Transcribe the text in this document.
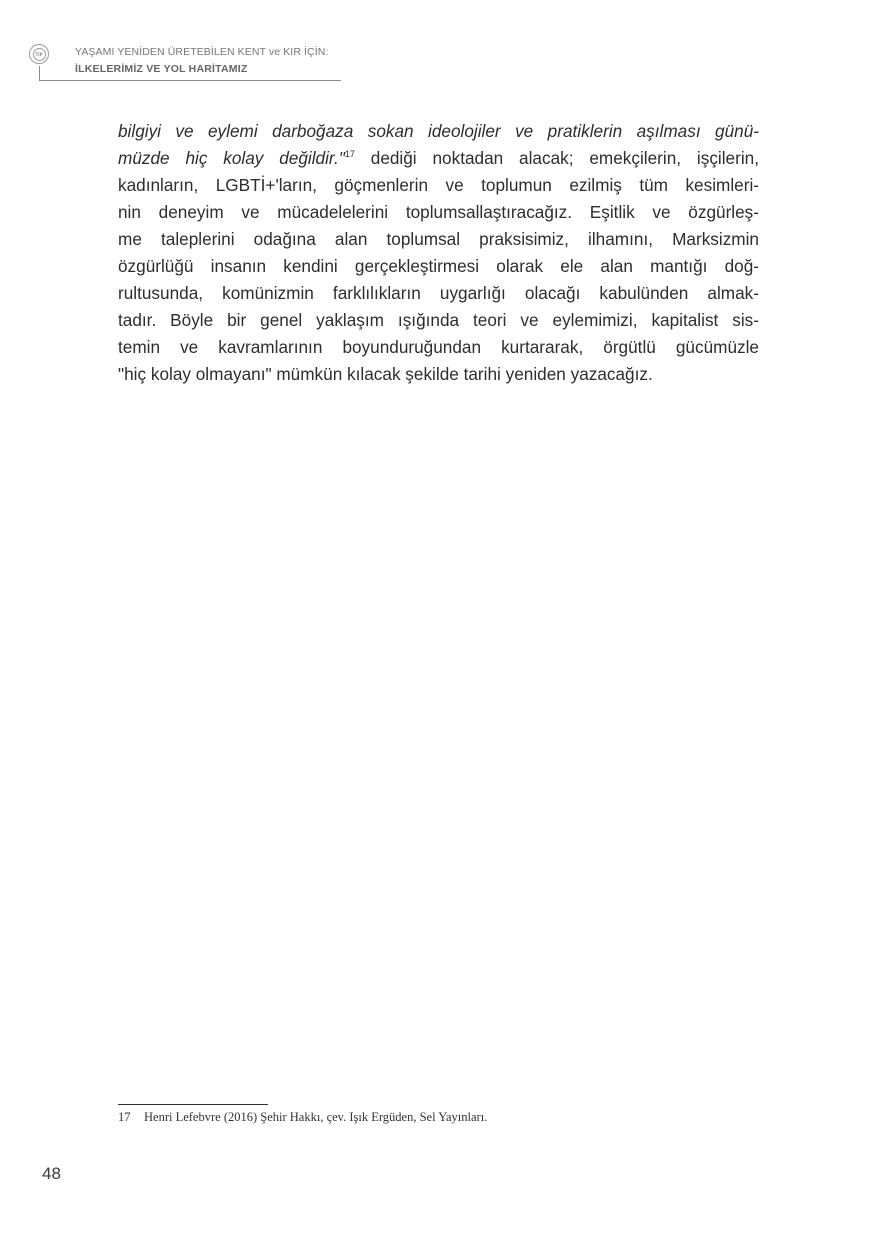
TİP	YAŞAMI YENİDEN ÜRETEBİLEN KENT ve KIR İÇİN:
İLKELERİMİZ VE YOL HARİTAMIZ
bilgiyi ve eylemi darboğaza sokan ideolojiler ve pratiklerin aşılması günü-
müzde hiç kolay değildir."$^{17}$ dediği noktadan alacak; emekçilerin, işçilerin,
kadınların, LGBTİ+'ların, göçmenlerin ve toplumun ezilmiş tüm kesimleri-
nin deneyim ve mücadelelerini toplumsallaştıracağız. Eşitlik ve özgürleş-
me taleplerini odağına alan toplumsal praksisimiz, ilhamını, Marksizmin
özgürlüğü insanın kendini gerçekleştirmesi olarak ele alan mantığı doğ-
rultusunda, komünizmin farklılıkların uygarlığı olacağı kabulünden almak-
tadır. Böyle bir genel yaklaşım ışığında teori ve eylemimizi, kapitalist sis-
temin ve kavramlarının boyunduruğundan kurtararak, örgütlü gücümüzle
"hiç kolay olmayanı" mümkün kılacak şekilde tarihi yeniden yazacağız.
17 Henri Lefebvre (2016) Şehir Hakkı, çev. Işık Ergüden, Sel Yayınları.
48
